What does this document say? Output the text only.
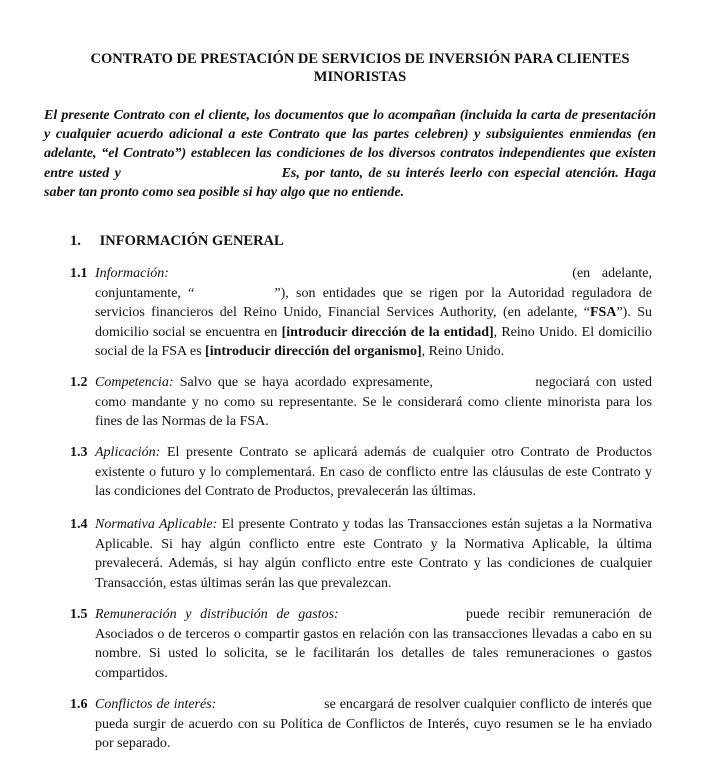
CONTRATO DE PRESTACIÓN DE SERVICIOS DE INVERSIÓN PARA CLIENTES MINORISTAS
El presente Contrato con el cliente, los documentos que lo acompañan (incluida la carta de presentación y cualquier acuerdo adicional a este Contrato que las partes celebren) y subsiguientes enmiendas (en adelante, “el Contrato”) establecen las condiciones de los diversos contratos independientes que existen entre usted y	Es, por tanto, de su interés leerlo con especial atención. Haga saber tan pronto como sea posible si hay algo que no entiende.
1. INFORMACIÓN GENERAL
1.1 Información:	(en adelante, conjuntamente, “	”), son entidades que se rigen por la Autoridad reguladora de servicios financieros del Reino Unido, Financial Services Authority, (en adelante, “FSA”). Su domicilio social se encuentra en [introducir dirección de la entidad], Reino Unido. El domicilio social de la FSA es [introducir dirección del organismo], Reino Unido.
1.2 Competencia: Salvo que se haya acordado expresamente,	negociará con usted como mandante y no como su representante. Se le considerará como cliente minorista para los fines de las Normas de la FSA.
1.3 Aplicación: El presente Contrato se aplicará además de cualquier otro Contrato de Productos existente o futuro y lo complementará. En caso de conflicto entre las cláusulas de este Contrato y las condiciones del Contrato de Productos, prevalecerán las últimas.
1.4 Normativa Aplicable: El presente Contrato y todas las Transacciones están sujetas a la Normativa Aplicable. Si hay algún conflicto entre este Contrato y la Normativa Aplicable, la última prevalecerá. Además, si hay algún conflicto entre este Contrato y las condiciones de cualquier Transacción, estas últimas serán las que prevalezcan.
1.5 Remuneración y distribución de gastos:	puede recibir remuneración de Asociados o de terceros o compartir gastos en relación con las transacciones llevadas a cabo en su nombre. Si usted lo solicita, se le facilitarán los detalles de tales remuneraciones o gastos compartidos.
1.6 Conflictos de interés:	se encargará de resolver cualquier conflicto de interés que pueda surgir de acuerdo con su Política de Conflictos de Interés, cuyo resumen se le ha enviado por separado.
